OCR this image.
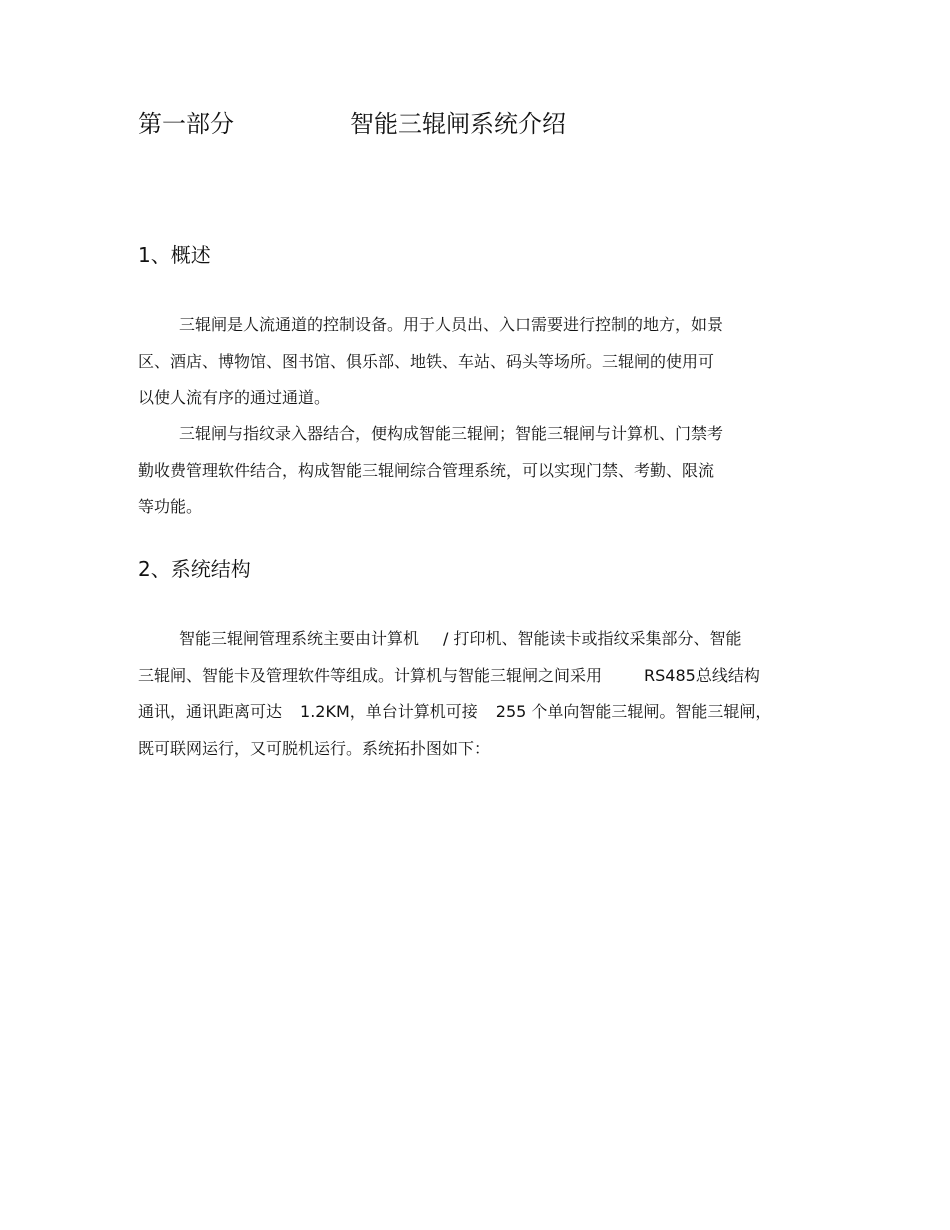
第一部分	智能三辊闸系统介绍
1、概述
三辊闸是人流通道的控制设备。用于人员出、入口需要进行控制的地方，如景
区、酒店、博物馆、图书馆、俱乐部、地铁、车站、码头等场所。三辊闸的使用可
以使人流有序的通过通道。
三辊闸与指纹录入器结合，便构成智能三辊闸；智能三辊闸与计算机、门禁考
勤收费管理软件结合，构成智能三辊闸综合管理系统，可以实现门禁、考勤、限流
等功能。
2、系统结构
智能三辊闸管理系统主要由计算机 / 打印机、智能读卡或指纹采集部分、智能
三辊闸、智能卡及管理软件等组成。计算机与智能三辊闸之间采用	RS485总线结构
通讯，通讯距离可达 1.2KM，单台计算机可接 255 个单向智能三辊闸。智能三辊闸，
既可联网运行，又可脱机运行。系统拓扑图如下：
